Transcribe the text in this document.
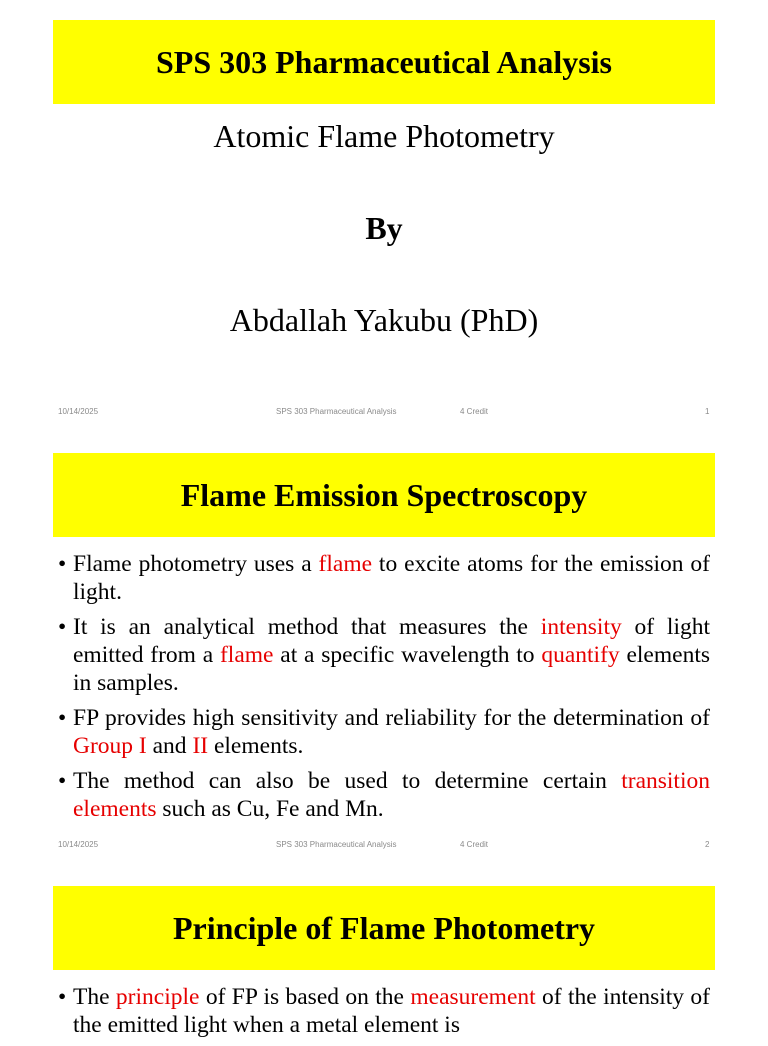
SPS 303 Pharmaceutical Analysis
Atomic Flame Photometry
By
Abdallah Yakubu (PhD)
10/14/2025	SPS 303 Pharmaceutical Analysis	4 Credit	1
Flame Emission Spectroscopy
• Flame photometry uses a flame to excite atoms for the emission of light.
• It is an analytical method that measures the intensity of light emitted from a flame at a specific wavelength to quantify elements in samples.
• FP provides high sensitivity and reliability for the determination of Group I and II elements.
• The method can also be used to determine certain transition elements such as Cu, Fe and Mn.
10/14/2025	SPS 303 Pharmaceutical Analysis	4 Credit	2
Principle of Flame Photometry
• The principle of FP is based on the measurement of the intensity of the emitted light when a metal element is
